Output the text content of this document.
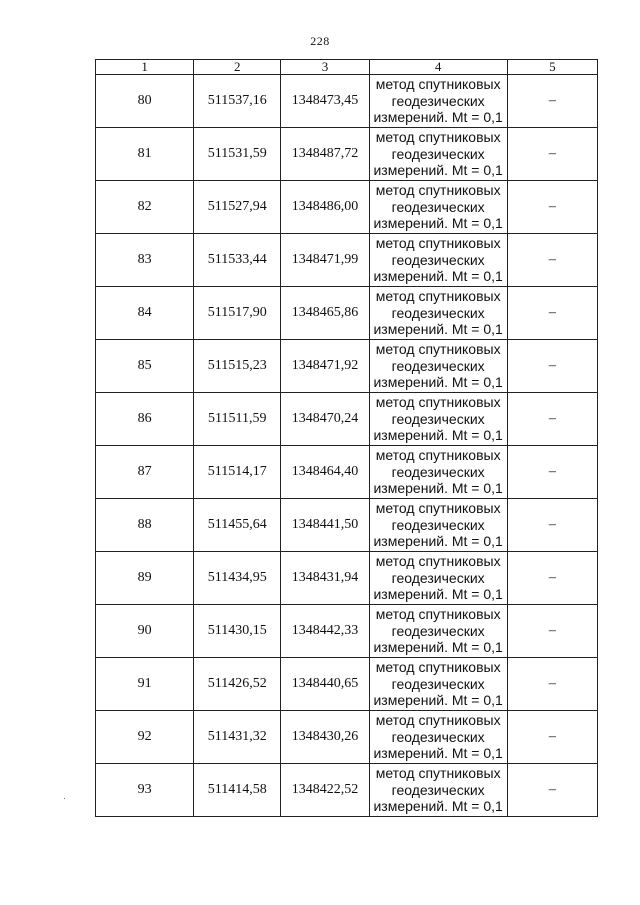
228
1	2	3	4	5
80	511537,16	1348473,45	метод спутниковых
геодезических
измерений. Mt = 0,1	–
81	511531,59	1348487,72	метод спутниковых
геодезических
измерений. Mt = 0,1	–
82	511527,94	1348486,00	метод спутниковых
геодезических
измерений. Mt = 0,1	–
83	511533,44	1348471,99	метод спутниковых
геодезических
измерений. Mt = 0,1	–
84	511517,90	1348465,86	метод спутниковых
геодезических
измерений. Mt = 0,1	–
85	511515,23	1348471,92	метод спутниковых
геодезических
измерений. Mt = 0,1	–
86	511511,59	1348470,24	метод спутниковых
геодезических
измерений. Mt = 0,1	–
87	511514,17	1348464,40	метод спутниковых
геодезических
измерений. Mt = 0,1	–
88	511455,64	1348441,50	метод спутниковых
геодезических
измерений. Mt = 0,1	–
89	511434,95	1348431,94	метод спутниковых
геодезических
измерений. Mt = 0,1	–
90	511430,15	1348442,33	метод спутниковых
геодезических
измерений. Mt = 0,1	–
91	511426,52	1348440,65	метод спутниковых
геодезических
измерений. Mt = 0,1	–
92	511431,32	1348430,26	метод спутниковых
геодезических
измерений. Mt = 0,1	–
93	511414,58	1348422,52	метод спутниковых
геодезических
измерений. Mt = 0,1	–
